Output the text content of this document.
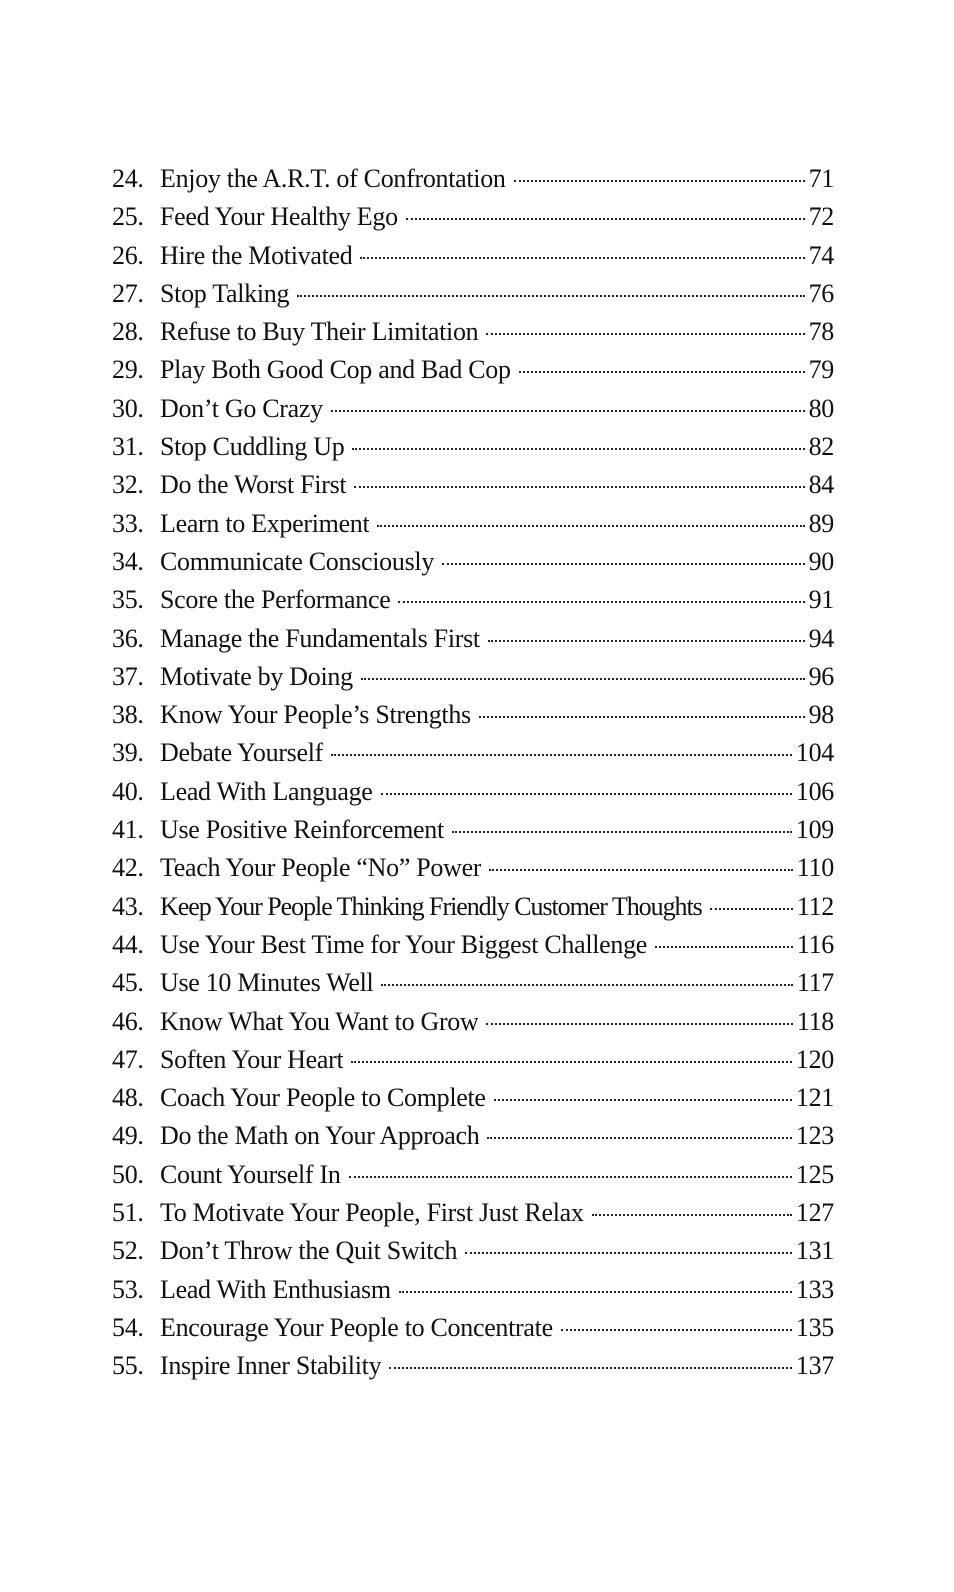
24. Enjoy the A.R.T. of Confrontation	71
25. Feed Your Healthy Ego	72
26. Hire the Motivated	74
27. Stop Talking	76
28. Refuse to Buy Their Limitation	78
29. Play Both Good Cop and Bad Cop	79
30. Don’t Go Crazy	80
31. Stop Cuddling Up	82
32. Do the Worst First	84
33. Learn to Experiment	89
34. Communicate Consciously	90
35. Score the Performance	91
36. Manage the Fundamentals First	94
37. Motivate by Doing	96
38. Know Your People’s Strengths	98
39. Debate Yourself	104
40. Lead With Language	106
41. Use Positive Reinforcement	109
42. Teach Your People “No” Power	110
43. Keep Your People Thinking Friendly Customer Thoughts	112
44. Use Your Best Time for Your Biggest Challenge	116
45. Use 10 Minutes Well	117
46. Know What You Want to Grow	118
47. Soften Your Heart	120
48. Coach Your People to Complete	121
49. Do the Math on Your Approach	123
50. Count Yourself In	125
51. To Motivate Your People, First Just Relax	127
52. Don’t Throw the Quit Switch	131
53. Lead With Enthusiasm	133
54. Encourage Your People to Concentrate	135
55. Inspire Inner Stability	137
